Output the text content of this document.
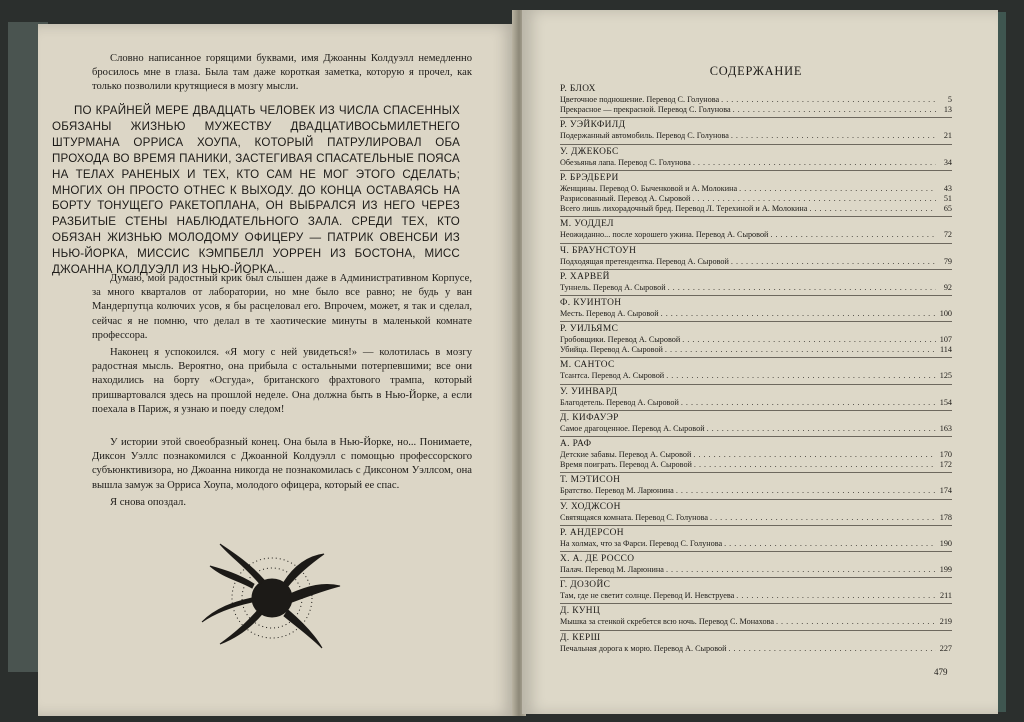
Словно написанное горящими буквами, имя Джоанны Колдуэлл немедленно бросилось мне в глаза. Была там даже короткая заметка, которую я прочел, как только позволили крутящиеся в мозгу мысли.

ПО КРАЙНЕЙ МЕРЕ ДВАДЦАТЬ ЧЕЛОВЕК ИЗ ЧИСЛА СПАСЕННЫХ ОБЯЗАНЫ ЖИЗНЬЮ МУЖЕСТВУ ДВАДЦАТИВОСЬМИЛЕТНЕГО ШТУРМАНА ОРРИСА ХОУПА, КОТОРЫЙ ПАТРУЛИРОВАЛ ОБА ПРОХОДА ВО ВРЕМЯ ПАНИКИ, ЗАСТЕГИВАЯ СПАСАТЕЛЬНЫЕ ПОЯСА НА ТЕЛАХ РАНЕНЫХ И ТЕХ, КТО САМ НЕ МОГ ЭТОГО СДЕЛАТЬ; МНОГИХ ОН ПРОСТО ОТНЕС К ВЫХОДУ. ДО КОНЦА ОСТАВАЯСЬ НА БОРТУ ТОНУЩЕГО РАКЕТОПЛАНА, ОН ВЫБРАЛСЯ ИЗ НЕГО ЧЕРЕЗ РАЗБИТЫЕ СТЕНЫ НАБЛЮДАТЕЛЬНОГО ЗАЛА. СРЕДИ ТЕХ, КТО ОБЯЗАН ЖИЗНЬЮ МОЛОДОМУ ОФИЦЕРУ — ПАТРИК ОВЕНСБИ ИЗ НЬЮ-ЙОРКА, МИССИС КЭМПБЕЛЛ УОРРЕН ИЗ БОСТОНА, МИСС ДЖОАННА КОЛДУЭЛЛ ИЗ НЬЮ-ЙОРКА...

Думаю, мой радостный крик был слышен даже в Административном Корпусе, за много кварталов от лаборатории, но мне было все равно; не будь у ван Мандерпутца колючих усов, я бы расцеловал его. Впрочем, может, я так и сделал, сейчас я не помню, что делал в те хаотические минуты в маленькой комнате профессора.

Наконец я успокоился. «Я могу с ней увидеться!» — колотилась в мозгу радостная мысль. Вероятно, она прибыла с остальными потерпевшими; все они находились на борту «Осгуда», британского фрахтового трампа, который пришвартовался здесь на прошлой неделе. Она должна быть в Нью-Йорке, а если поехала в Париж, я узнаю и поеду следом!

У истории этой своеобразный конец. Она была в Нью-Йорке, но... Понимаете, Диксон Уэллс познакомился с Джоанной Колдуэлл с помощью профессорского субъюнктивизора, но Джоанна никогда не познакомилась с Диксоном Уэллсом, она вышла замуж за Орриса Хоупа, молодого офицера, который ее спас.

Я снова опоздал.

СОДЕРЖАНИЕ

Р. БЛОХ
Цветочное подношение. Перевод С. Голунова .....	5
Прекрасное — прекрасной. Перевод С. Голунова .....	13
Р. УЭЙКФИЛД
Подержанный автомобиль. Перевод С. Голунова .....	21
У. ДЖЕКОБС
Обезьянья лапа. Перевод С. Голунова .....	34
Р. БРЭДБЕРИ
Женщины. Перевод О. Быченковой и А. Молокина .....	43
Разрисованный. Перевод А. Сыровой .....	51
Всего лишь лихорадочный бред. Перевод Л. Терехиной и А. Молокина .....	65
М. УОДДЕЛ
Неожиданно... после хорошего ужина. Перевод А. Сыровой .....	72
Ч. БРАУНСТОУН
Подходящая претендентка. Перевод А. Сыровой .....	79
Р. ХАРВЕЙ
Туннель. Перевод А. Сыровой .....	92
Ф. КУИНТОН
Месть. Перевод А. Сыровой .....	100
Р. УИЛЬЯМС
Гробовщики. Перевод А. Сыровой .....	107
Убийца. Перевод А. Сыровой .....	114
М. САНТОС
Тсантса. Перевод А. Сыровой .....	125
У. УИНВАРД
Благодетель. Перевод А. Сыровой .....	154
Д. КИФАУЭР
Самое драгоценное. Перевод А. Сыровой .....	163
А. РАФ
Детские забавы. Перевод А. Сыровой .....	170
Время поиграть. Перевод А. Сыровой .....	172
Т. МЭТИСОН
Братство. Перевод М. Ларюнина .....	174
У. ХОДЖСОН
Святящаяся комната. Перевод С. Голунова .....	178
Р. АНДЕРСОН
На холмах, что за Фарси. Перевод С. Голунова .....	190
Х. А. ДЕ РОССО
Палач. Перевод М. Ларюнина .....	199
Г. ДОЗОЙС
Там, где не светит солнце. Перевод И. Невструева .....	211
Д. КУНЦ
Мышка за стенкой скребется всю ночь. Перевод С. Монахова .....	219
Д. КЕРШ
Печальная дорога к морю. Перевод А. Сыровой .....	227

479
